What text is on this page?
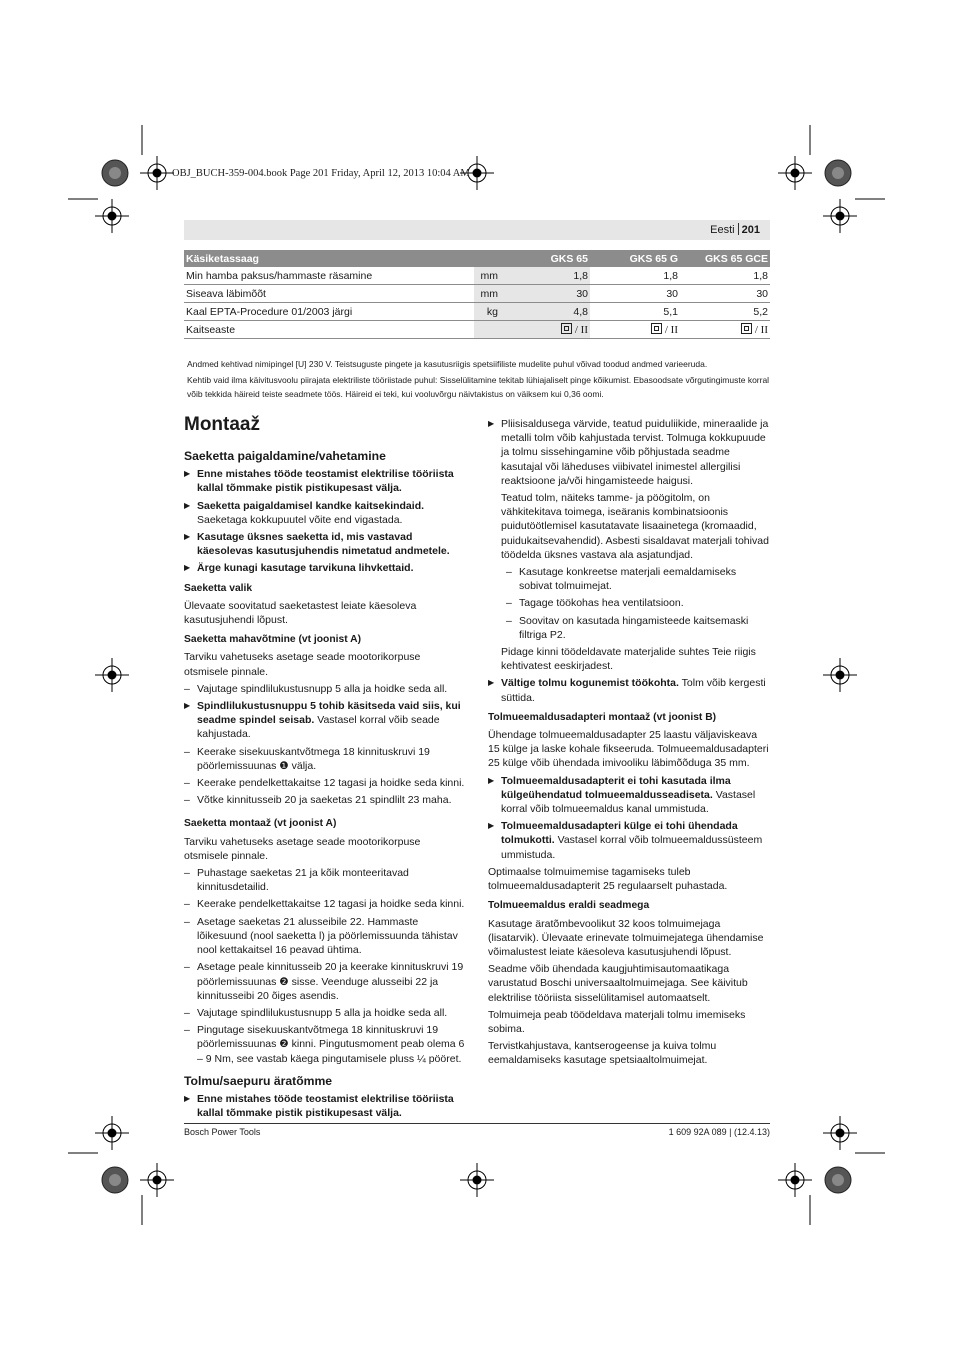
OBJ_BUCH-359-004.book Page 201 Friday, April 12, 2013 10:04 AM
Eesti 201
Käsiketassaag		GKS 65	GKS 65 G	GKS 65 GCE
Min hamba paksus/hammaste räsamine	mm	1,8	1,8	1,8
Siseava läbimõõt	mm	30	30	30
Kaal EPTA-Procedure 01/2003 järgi	kg	4,8	5,1	5,2
Kaitseaste		/ II	/ II	/ II

Andmed kehtivad nimipingel [U] 230 V. Teistsuguste pingete ja kasutusriigis spetsiifiliste mudelite puhul võivad toodud andmed varieeruda.

Kehtib vaid ilma käivitusvoolu piirajata elektriliste tööriistade puhul: Sisselülitamine tekitab lühiajaliselt pinge kõikumist. Ebasoodsate võrgutingimuste korral võib tekkida häireid teiste seadmete töös. Häireid ei teki, kui vooluvõrgu näivtakistus on väiksem kui 0,36 oomi.

Montaaž
Saeketta paigaldamine/vahetamine

▶ Enne mistahes tööde teostamist elektrilise tööriista kallal tõmmake pistik pistikupesast välja.

▶ Saeketta paigaldamisel kandke kaitsekindaid. Saeketaga kokkupuutel võite end vigastada.

▶ Kasutage üksnes saeketta id, mis vastavad käesolevas kasutusjuhendis nimetatud andmetele.

▶ Ärge kunagi kasutage tarvikuna lihvkettaid.

Saeketta valik

Ülevaate soovitatud saeketastest leiate käesoleva kasutusjuhendi lõpust.

Saeketta mahavõtmine (vt joonist A)

Tarviku vahetuseks asetage seade mootorikorpuse otsmisele pinnale.

– Vajutage spindlilukustusnupp 5 alla ja hoidke seda all.

▶ Spindlilukustusnuppu 5 tohib käsitseda vaid siis, kui seadme spindel seisab. Vastasel korral võib seade kahjustada.

– Keerake sisekuuskantvõtmega 18 kinnituskruvi 19 pöörlemissuunas ❶ välja.

– Keerake pendelkettakaitse 12 tagasi ja hoidke seda kinni.

– Võtke kinnitusseib 20 ja saeketas 21 spindlilt 23 maha.

Saeketta montaaž (vt joonist A)

Tarviku vahetuseks asetage seade mootorikorpuse otsmisele pinnale.

– Puhastage saeketas 21 ja kõik monteeritavad kinnitusdetailid.

– Keerake pendelkettakaitse 12 tagasi ja hoidke seda kinni.

– Asetage saeketas 21 alusseibile 22. Hammaste lõikesuund (nool saeketta l) ja pöörlemissuunda tähistav nool kettakaitsel 16 peavad ühtima.

– Asetage peale kinnitusseib 20 ja keerake kinnituskruvi 19 pöörlemissuunas ❷ sisse. Veenduge alusseibi 22 ja kinnitusseibi 20 õiges asendis.

– Vajutage spindlilukustusnupp 5 alla ja hoidke seda all.

– Pingutage sisekuuskantvõtmega 18 kinnituskruvi 19 pöörlemissuunas ❷ kinni. Pingutusmoment peab olema 6 – 9 Nm, see vastab käega pingutamisele pluss ¼ pööret.

Tolmu/saepuru äratõmme

▶ Enne mistahes tööde teostamist elektrilise tööriista kallal tõmmake pistik pistikupesast välja.

▶ Pliisisaldusega värvide, teatud puiduliikide, mineraalide ja metalli tolm võib kahjustada tervist. Tolmuga kokkupuude ja tolmu sissehingamine võib põhjustada seadme kasutajal või läheduses viibivatel inimestel allergilisi reaktsioone ja/või hingamisteede haigusi.

Teatud tolm, näiteks tamme- ja pöögitolm, on vähkitekitava toimega, iseäranis kombinatsioonis puidutöötlemisel kasutatavate lisaainetega (kromaadid, puidukaitsevahendid). Asbesti sisaldavat materjali tohivad töödelda üksnes vastava ala asjatundjad.

– Kasutage konkreetse materjali eemaldamiseks sobivat tolmuimejat.

– Tagage töökohas hea ventilatsioon.

– Soovitav on kasutada hingamisteede kaitsemaski filtriga P2.

Pidage kinni töödeldavate materjalide suhtes Teie riigis kehtivatest eeskirjadest.

▶ Vältige tolmu kogunemist töökohta. Tolm võib kergesti süttida.

Tolmueemaldusadapteri montaaž (vt joonist B)

Ühendage tolmueemaldusadapter 25 laastu väljaviskeava 15 külge ja laske kohale fikseeruda. Tolmueemaldusadapteri 25 külge võib ühendada imivooliku läbimõõduga 35 mm.

▶ Tolmueemaldusadapterit ei tohi kasutada ilma külgeühendatud tolmueemaldusseadiseta. Vastasel korral võib tolmueemaldus kanal ummistuda.

▶ Tolmueemaldusadapteri külge ei tohi ühendada tolmukotti. Vastasel korral võib tolmueemaldussüsteem ummistuda.

Optimaalse tolmuimemise tagamiseks tuleb tolmueemaldusadapterit 25 regulaarselt puhastada.

Tolmueemaldus eraldi seadmega

Kasutage äratõmbevoolikut 32 koos tolmuimejaga (lisatarvik). Ülevaate erinevate tolmuimejatega ühendamise võimalustest leiate käesoleva kasutusjuhendi lõpust.

Seadme võib ühendada kaugjuhtimisautomaatikaga varustatud Boschi universaaltolmuimejaga. See käivitub elektrilise tööriista sisselülitamisel automaatselt.

Tolmuimeja peab töödeldava materjali tolmu imemiseks sobima.

Tervistkahjustava, kantserogeense ja kuiva tolmu eemaldamiseks kasutage spetsiaaltolmuimejat.

Bosch Power Tools	1 609 92A 089 | (12.4.13)
